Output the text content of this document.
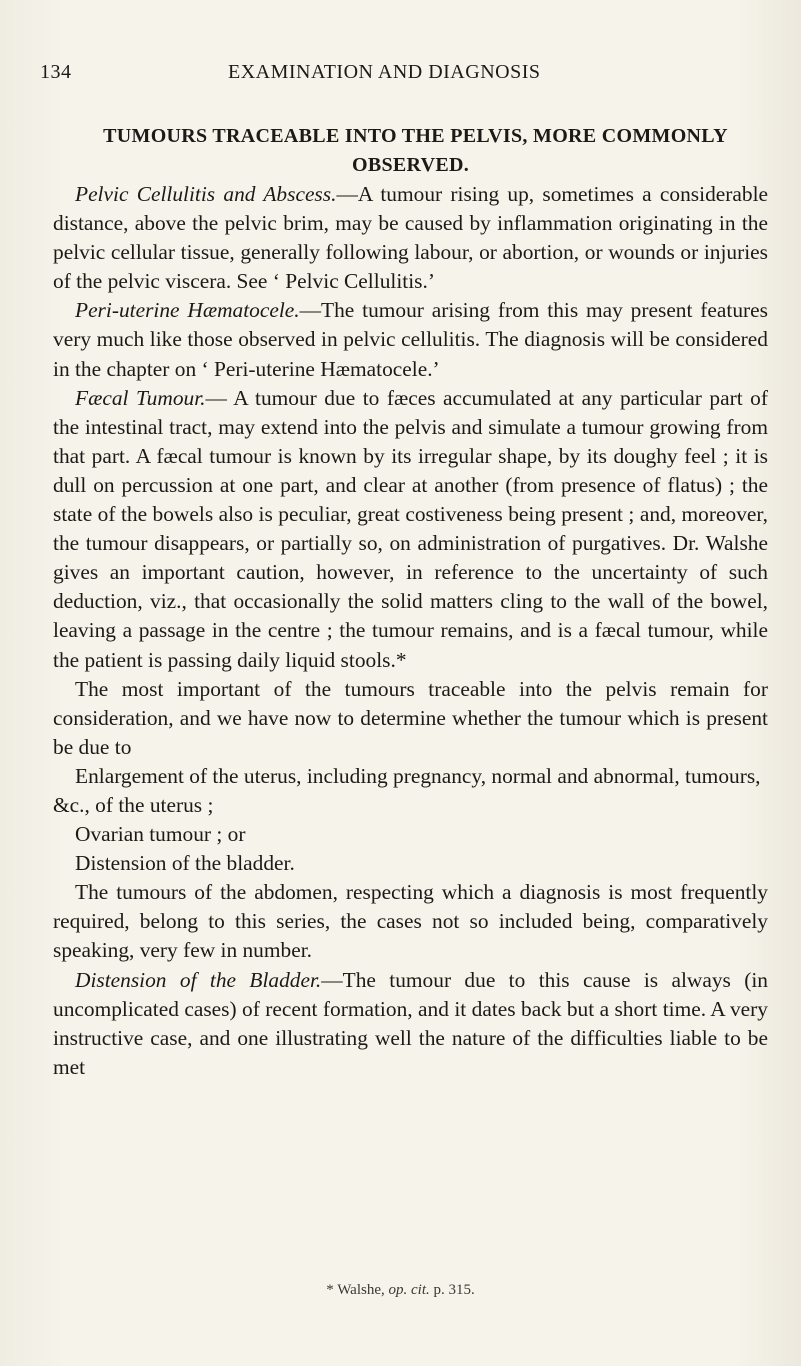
134	EXAMINATION AND DIAGNOSIS
TUMOURS TRACEABLE INTO THE PELVIS, MORE COMMONLY
OBSERVED.

Pelvic Cellulitis and Abscess.—A tumour rising up, sometimes a considerable distance, above the pelvic brim, may be caused by inflammation originating in the pelvic cellular tissue, generally following labour, or abortion, or wounds or injuries of the pelvic viscera. See ‘ Pelvic Cellulitis.’

Peri-uterine Hæmatocele.—The tumour arising from this may present features very much like those observed in pelvic cellulitis. The diagnosis will be considered in the chapter on ‘ Peri-uterine Hæmatocele.’

Fæcal Tumour.— A tumour due to fæces accumulated at any particular part of the intestinal tract, may extend into the pelvis and simulate a tumour growing from that part. A fæcal tumour is known by its irregular shape, by its doughy feel ; it is dull on percussion at one part, and clear at another (from presence of flatus) ; the state of the bowels also is peculiar, great costiveness being present ; and, moreover, the tumour disappears, or partially so, on administration of purgatives. Dr. Walshe gives an important caution, however, in reference to the uncertainty of such deduction, viz., that occasionally the solid matters cling to the wall of the bowel, leaving a passage in the centre ; the tumour remains, and is a fæcal tumour, while the patient is passing daily liquid stools.*

The most important of the tumours traceable into the pelvis remain for consideration, and we have now to determine whether the tumour which is present be due to

Enlargement of the uterus, including pregnancy, normal and abnormal, tumours, &c., of the uterus ;

Ovarian tumour ; or

Distension of the bladder.

The tumours of the abdomen, respecting which a diagnosis is most frequently required, belong to this series, the cases not so included being, comparatively speaking, very few in number.

Distension of the Bladder.—The tumour due to this cause is always (in uncomplicated cases) of recent formation, and it dates back but a short time. A very instructive case, and one illustrating well the nature of the difficulties liable to be met

* Walshe, op. cit. p. 315.
